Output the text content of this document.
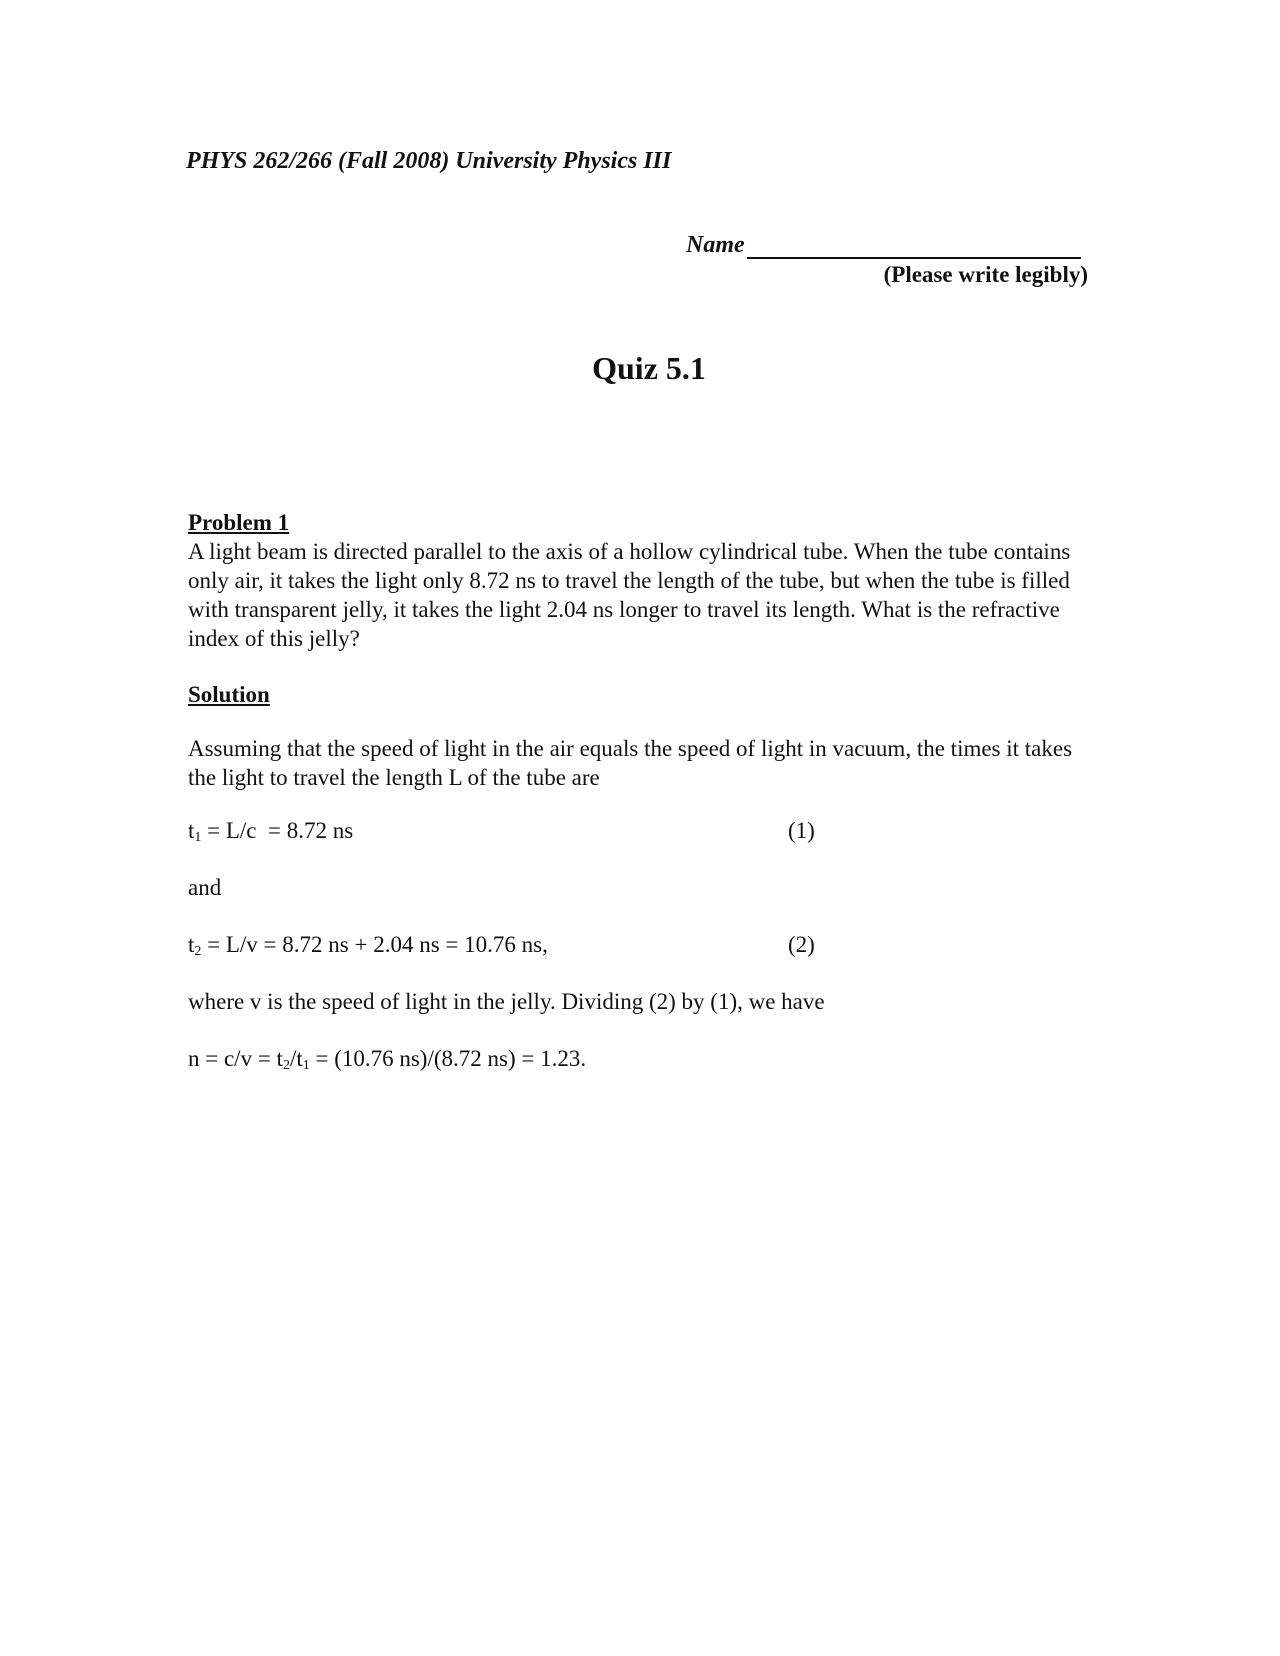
PHYS 262/266 (Fall 2008) University Physics III
Name
(Please write legibly)
Quiz 5.1
Problem 1
A light beam is directed parallel to the axis of a hollow cylindrical tube. When the tube contains only air, it takes the light only 8.72 ns to travel the length of the tube, but when the tube is filled with transparent jelly, it takes the light 2.04 ns longer to travel its length. What is the refractive index of this jelly?
Solution
Assuming that the speed of light in the air equals the speed of light in vacuum, the times it takes the light to travel the length L of the tube are
$t_1 = L/c = 8.72$ ns	(1)
and
$t_2 = L/v = 8.72$ ns + 2.04 ns = 10.76 ns,	(2)
where v is the speed of light in the jelly. Dividing (2) by (1), we have
$n = c/v = t_2/t_1 = (10.76$ ns)/(8.72 ns) = 1.23.
